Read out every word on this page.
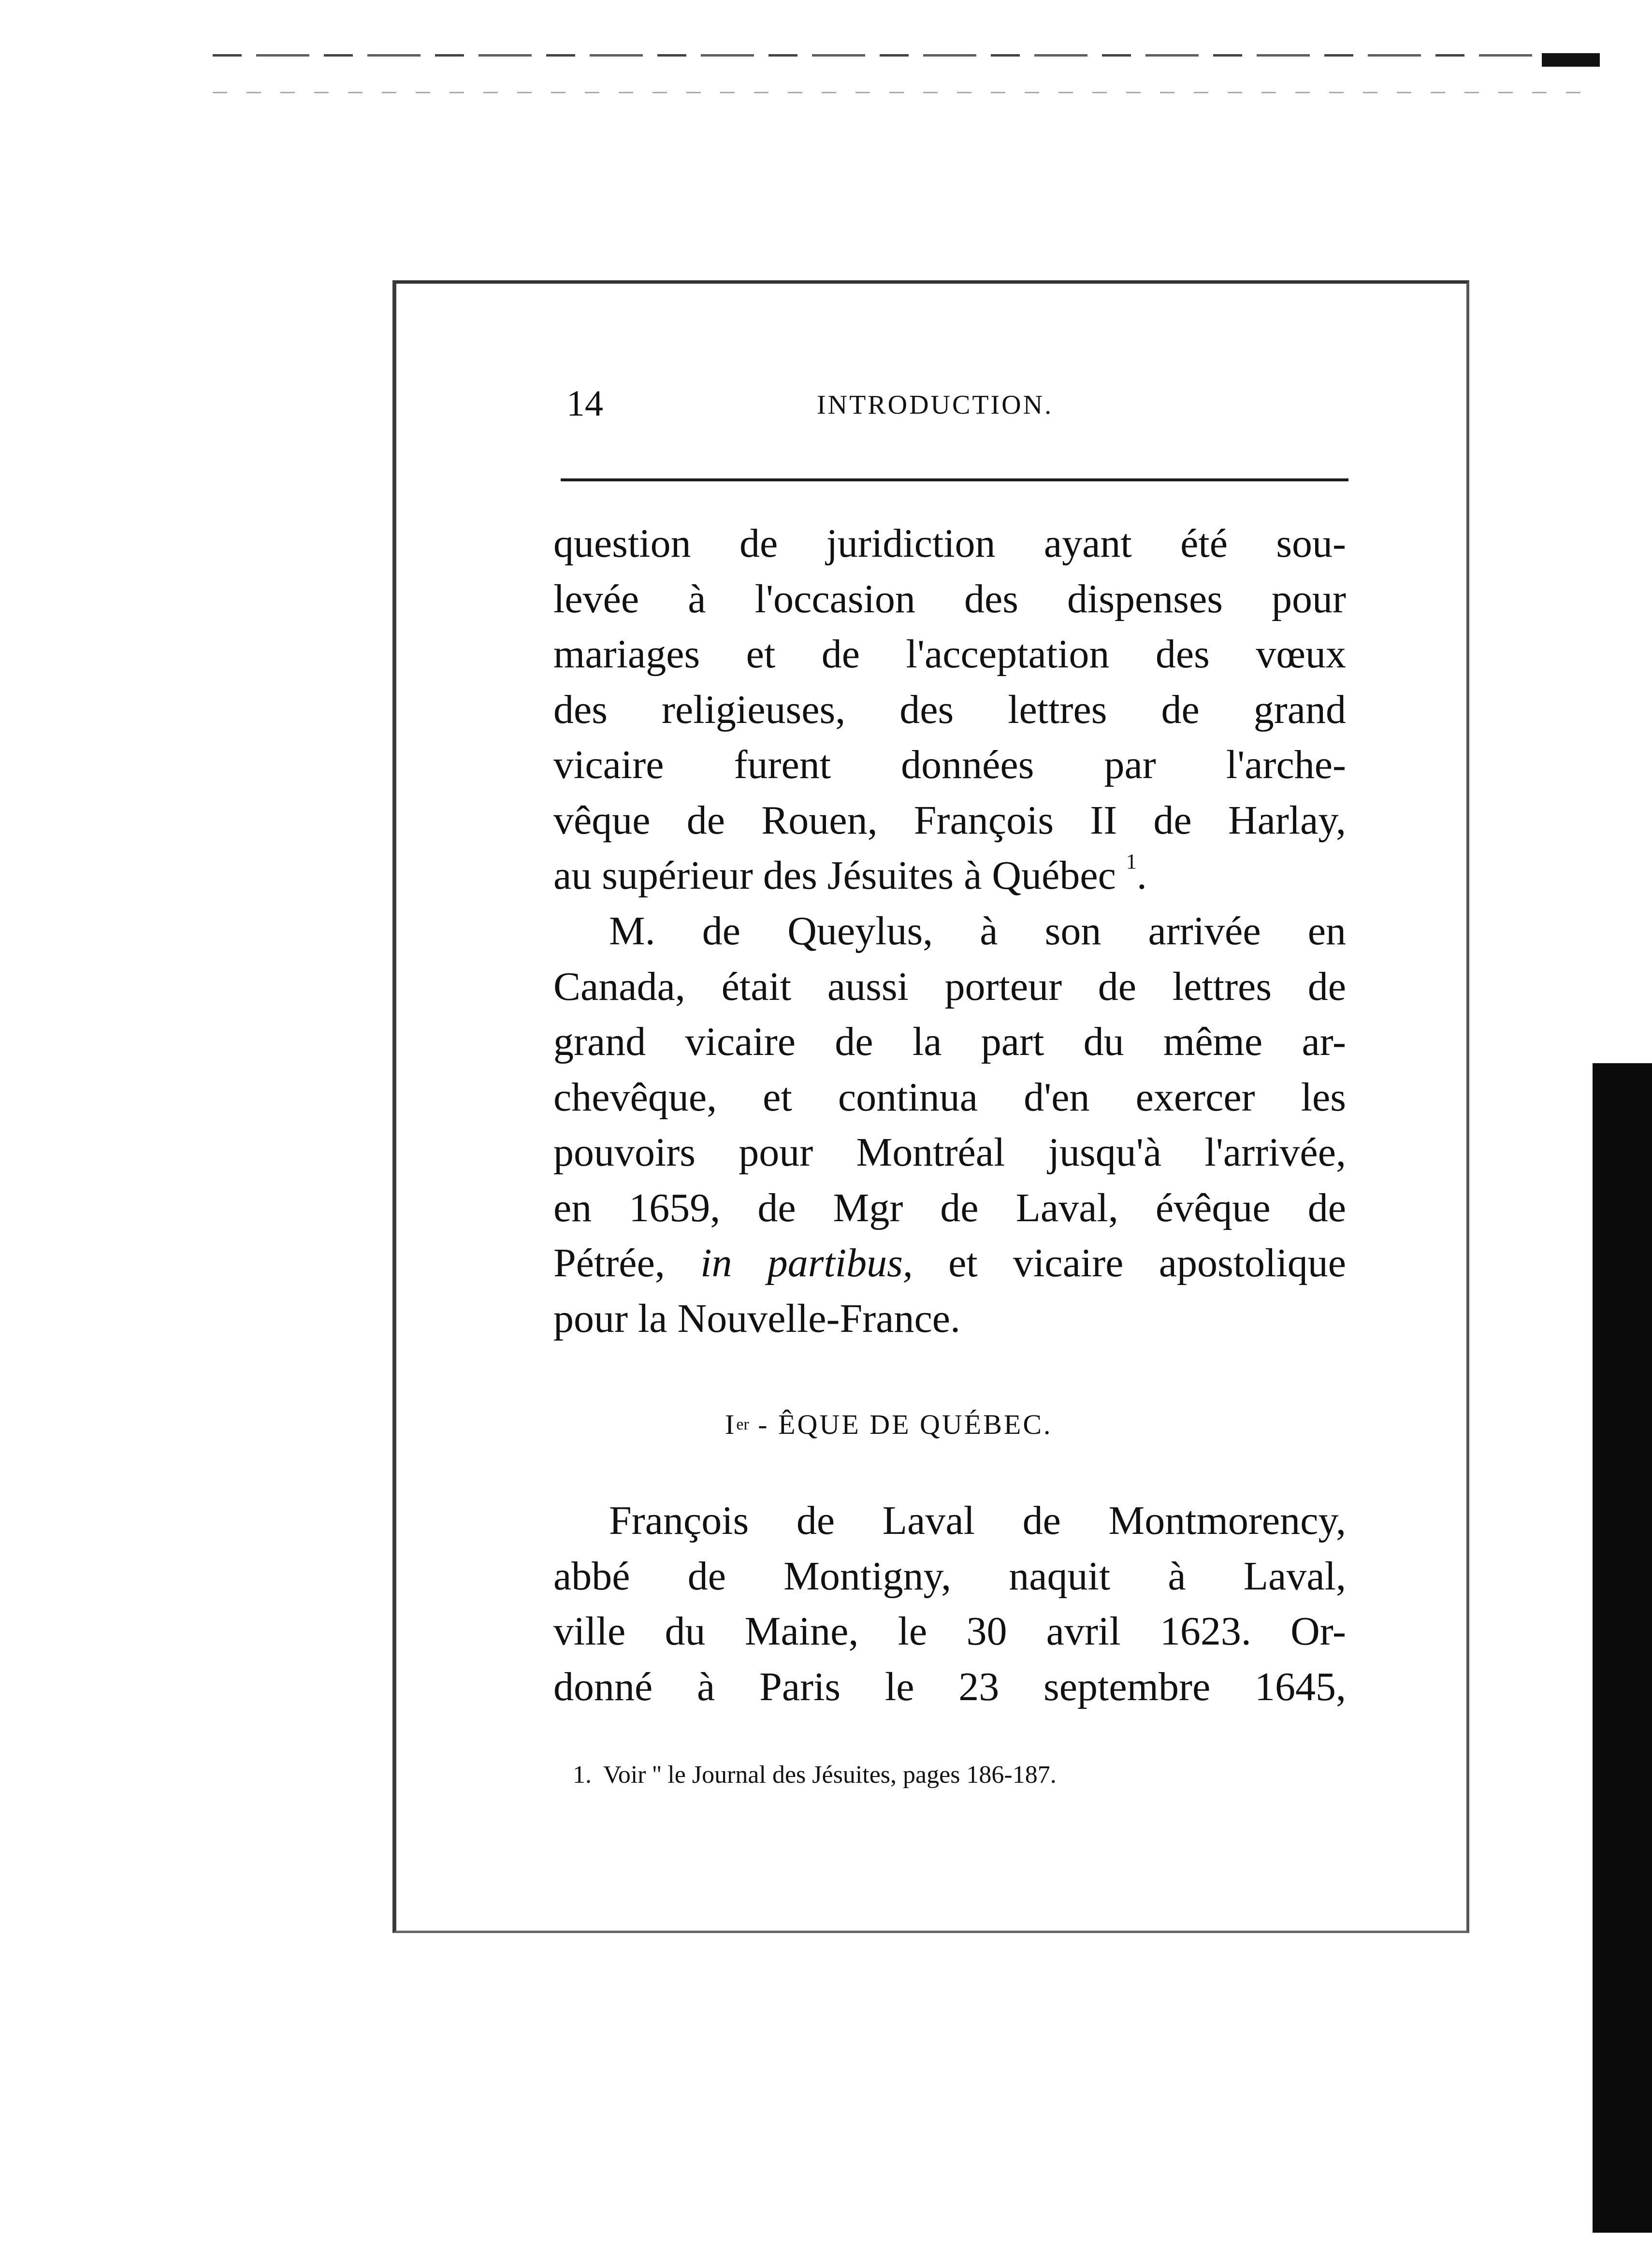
14	INTRODUCTION.
question de juridiction ayant été sou-
levée à l'occasion des dispenses pour
mariages et de l'acceptation des vœux
des religieuses, des lettres de grand
vicaire furent données par l'arche-
vêque de Rouen, François II de Harlay,
au supérieur des Jésuites à Québec $^1$.
M. de Queylus, à son arrivée en
Canada, était aussi porteur de lettres de
grand vicaire de la part du même ar-
chevêque, et continua d'en exercer les
pouvoirs pour Montréal jusqu'à l'arrivée,
en 1659, de Mgr de Laval, évêque de
Pétrée, in partibus, et vicaire apostolique
pour la Nouvelle-France.
Ier - ÊQUE DE QUÉBEC.
François de Laval de Montmorency,
abbé de Montigny, naquit à Laval,
ville du Maine, le 30 avril 1623. Or-
donné à Paris le 23 septembre 1645,
1. Voir '' le Journal des Jésuites, pages 186-187.
